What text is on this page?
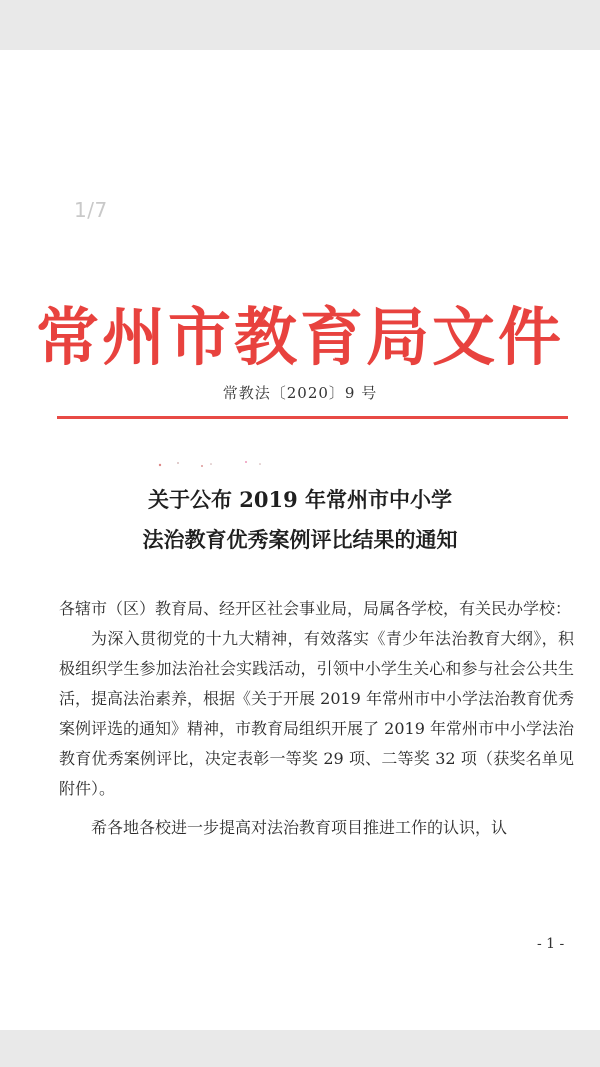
1/7
常州市教育局文件
常教法〔2020〕9 号
关于公布 2019 年常州市中小学
法治教育优秀案例评比结果的通知

各辖市（区）教育局、经开区社会事业局，局属各学校，有关民办学校：

为深入贯彻党的十九大精神，有效落实《青少年法治教育大纲》，积极组织学生参加法治社会实践活动，引领中小学生关心和参与社会公共生活，提高法治素养，根据《关于开展 2019 年常州市中小学法治教育优秀案例评选的通知》精神，市教育局组织开展了 2019 年常州市中小学法治教育优秀案例评比，决定表彰一等奖 29 项、二等奖 32 项（获奖名单见附件）。

希各地各校进一步提高对法治教育项目推进工作的认识，认

- 1 -
